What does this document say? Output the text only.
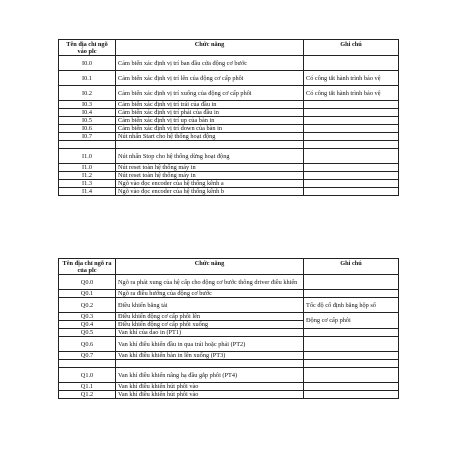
Tên địa chỉ ngõ vào plc	Chức năng	Ghi chú
I0.0	Cảm biến xác định vị trí ban đầu cửa động cơ bước	
I0.1	Cảm biến xác định vị trí lên của động cơ cấp phôi	Có công tắt hành trình bảo vệ
I0.2	Cảm biến xác định vị trí xuống của động cơ cấp phôi	Có công tắt hành trình bảo vệ
I0.3	Cảm biến xác định vị trí trái của đầu in	
I0.4	Cảm biến xác định vị trí phải của đầu in	
I0.5	Cảm biến xác định vị trí up của bàn in	
I0.6	Cảm biến xác định vị trí down của bàn in	
I0.7	Nút nhấn Start cho hệ thống hoạt động	

I1.0	Nút nhấn Stop cho hệ thống dừng hoạt động	
I1.0	Nút reset toàn hệ thống máy in	
I1.2	Nút reset toàn hệ thống máy in	
I1.3	Ngõ vào đọc encoder của hệ thống kênh a	
I1.4	Ngõ vào đọc encoder của hệ thống kênh b	
Tên địa chỉ ngõ ra của plc	Chức năng	Ghi chú
Q0.0	Ngõ ra phát xung của hệ cấp cho động cơ bước thông driver điều khiển	
Q0.1	Ngõ ra điều hướng của động cơ bước	
Q0.2	Điều khiển băng tải	Tốc độ cố định băng hộp số
Q0.3	Điều khiển động cơ cấp phôi lên	Động cơ cấp phôi
Q0.4	Điều khiển động cơ cấp phôi xuống	
Q0.5	Van khí của dao in (PT1)	
Q0.6	Van khí điều khiển đầu in qua trái hoặc phải (PT2)	
Q0.7	Van khí điều khiển bàn in lên xuống (PT3)	

Q1.0	Van khí điều khiển nâng hạ đầu gắp phôi (PT4)	
Q1.1	Van khí điều khiển hút phôi vào	
Q1.2	Van khí điều khiển hút phôi vào	
